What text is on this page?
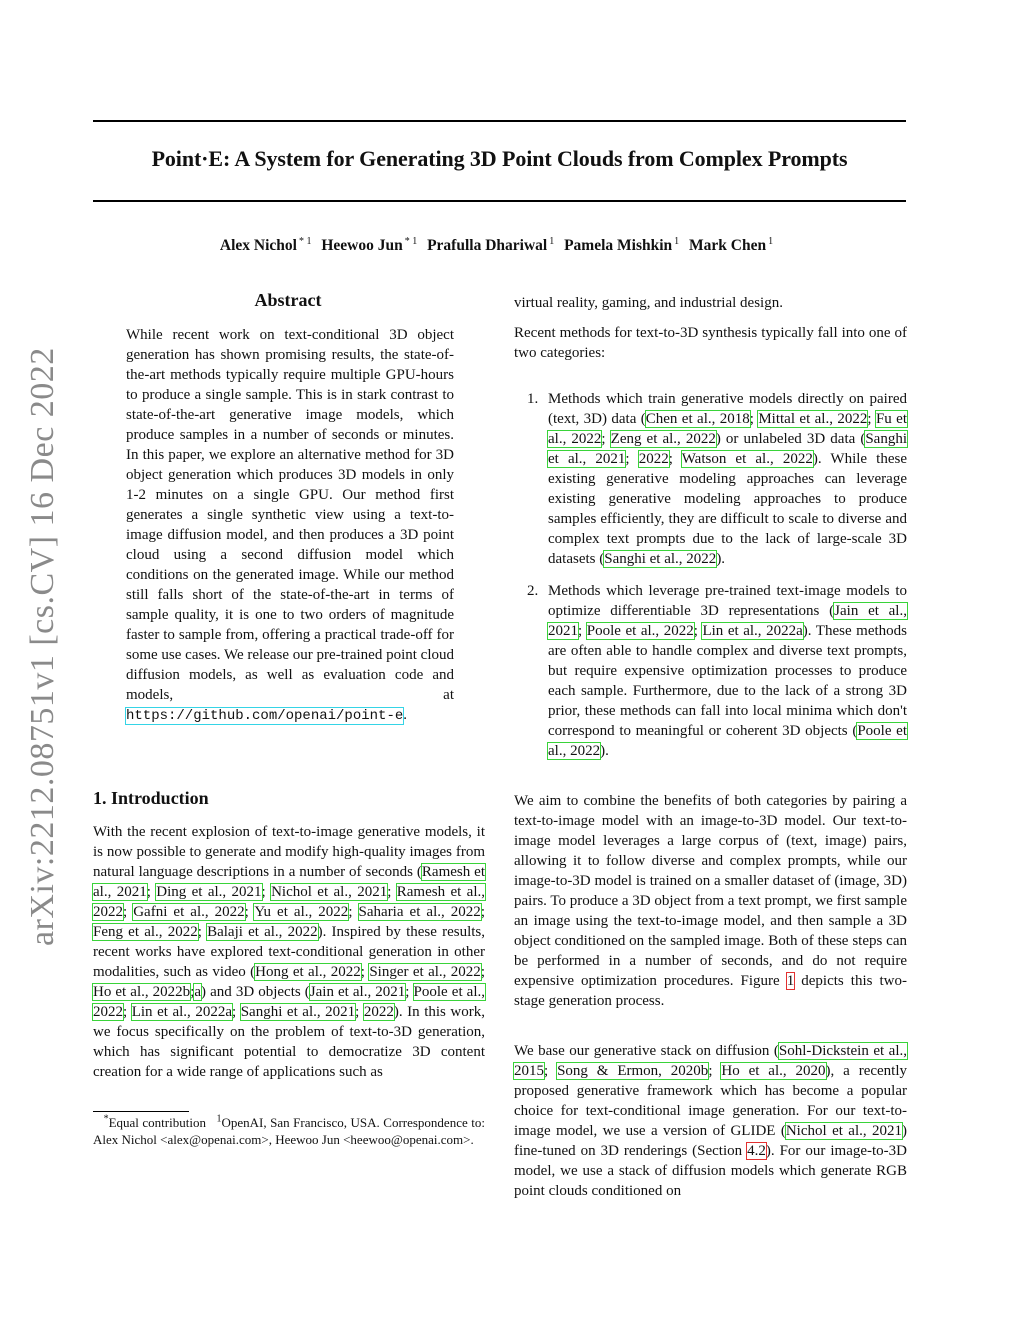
arXiv:2212.08751v1 [cs.CV] 16 Dec 2022
Point·E: A System for Generating 3D Point Clouds from Complex Prompts
Alex Nichol $^{* 1}$ Heewoo Jun $^{* 1}$ Prafulla Dhariwal $^1$ Pamela Mishkin $^1$ Mark Chen $^1$
Abstract
While recent work on text-conditional 3D object generation has shown promising results, the state-of-the-art methods typically require multiple GPU-hours to produce a single sample. This is in stark contrast to state-of-the-art generative image models, which produce samples in a number of seconds or minutes. In this paper, we explore an alternative method for 3D object generation which produces 3D models in only 1-2 minutes on a single GPU. Our method first generates a single synthetic view using a text-to-image diffusion model, and then produces a 3D point cloud using a second diffusion model which conditions on the generated image. While our method still falls short of the state-of-the-art in terms of sample quality, it is one to two orders of magnitude faster to sample from, offering a practical trade-off for some use cases. We release our pre-trained point cloud diffusion models, as well as evaluation code and models, at https://github.com/openai/point-e.
1. Introduction
With the recent explosion of text-to-image generative models, it is now possible to generate and modify high-quality images from natural language descriptions in a number of seconds (Ramesh et al., 2021; Ding et al., 2021; Nichol et al., 2021; Ramesh et al., 2022; Gafni et al., 2022; Yu et al., 2022; Saharia et al., 2022; Feng et al., 2022; Balaji et al., 2022). Inspired by these results, recent works have explored text-conditional generation in other modalities, such as video (Hong et al., 2022; Singer et al., 2022; Ho et al., 2022b;a) and 3D objects (Jain et al., 2021; Poole et al., 2022; Lin et al., 2022a; Sanghi et al., 2021; 2022). In this work, we focus specifically on the problem of text-to-3D generation, which has significant potential to democratize 3D content creation for a wide range of applications such as
*Equal contribution $^1$OpenAI, San Francisco, USA. Correspondence to: Alex Nichol <alex@openai.com>, Heewoo Jun <heewoo@openai.com>.
virtual reality, gaming, and industrial design.
Recent methods for text-to-3D synthesis typically fall into one of two categories:
1. Methods which train generative models directly on paired (text, 3D) data (Chen et al., 2018; Mittal et al., 2022; Fu et al., 2022; Zeng et al., 2022) or unlabeled 3D data (Sanghi et al., 2021; 2022; Watson et al., 2022). While these existing generative modeling approaches can leverage existing generative modeling approaches to produce samples efficiently, they are difficult to scale to diverse and complex text prompts due to the lack of large-scale 3D datasets (Sanghi et al., 2022).
2. Methods which leverage pre-trained text-image models to optimize differentiable 3D representations (Jain et al., 2021; Poole et al., 2022; Lin et al., 2022a). These methods are often able to handle complex and diverse text prompts, but require expensive optimization processes to produce each sample. Furthermore, due to the lack of a strong 3D prior, these methods can fall into local minima which don't correspond to meaningful or coherent 3D objects (Poole et al., 2022).
We aim to combine the benefits of both categories by pairing a text-to-image model with an image-to-3D model. Our text-to-image model leverages a large corpus of (text, image) pairs, allowing it to follow diverse and complex prompts, while our image-to-3D model is trained on a smaller dataset of (image, 3D) pairs. To produce a 3D object from a text prompt, we first sample an image using the text-to-image model, and then sample a 3D object conditioned on the sampled image. Both of these steps can be performed in a number of seconds, and do not require expensive optimization procedures. Figure 1 depicts this two-stage generation process.
We base our generative stack on diffusion (Sohl-Dickstein et al., 2015; Song & Ermon, 2020b; Ho et al., 2020), a recently proposed generative framework which has become a popular choice for text-conditional image generation. For our text-to-image model, we use a version of GLIDE (Nichol et al., 2021) fine-tuned on 3D renderings (Section 4.2). For our image-to-3D model, we use a stack of diffusion models which generate RGB point clouds conditioned on
